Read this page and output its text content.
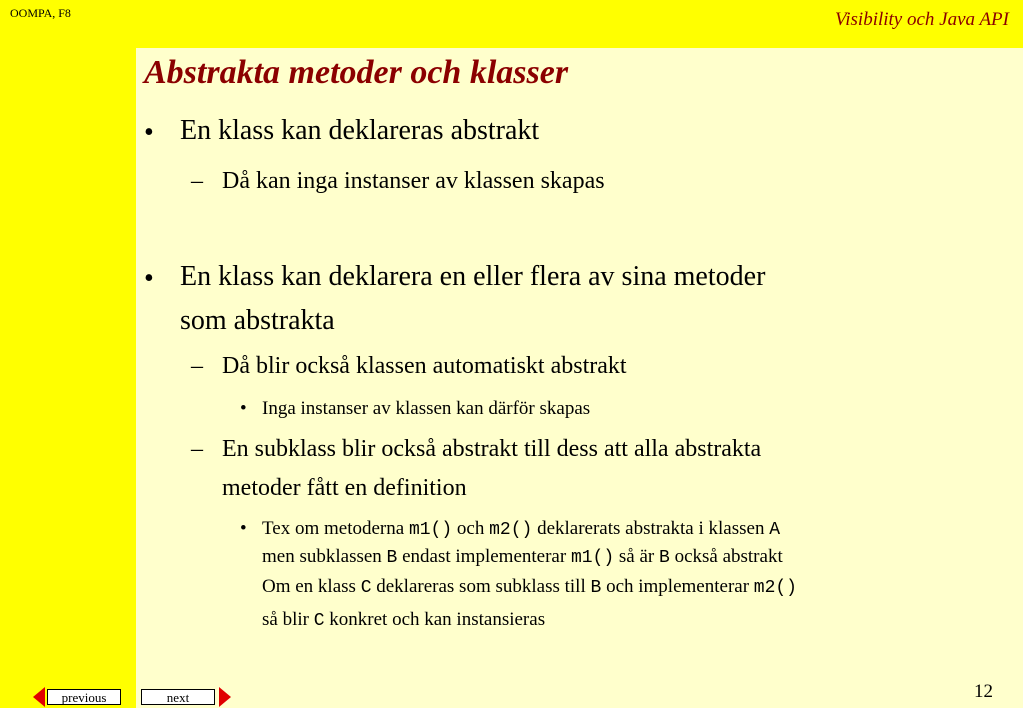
OOMPA, F8	Visibility och Java API
Abstrakta metoder och klasser
• En klass kan deklareras abstrakt
– Då kan inga instanser av klassen skapas
• En klass kan deklarera en eller flera av sina metoder
som abstrakta
– Då blir också klassen automatiskt abstrakt
• Inga instanser av klassen kan därför skapas
– En subklass blir också abstrakt till dess att alla abstrakta
metoder fått en definition
• Tex om metoderna m1() och m2() deklarerats abstrakta i klassen A
men subklassen B endast implementerar m1() så är B också abstrakt
Om en klass C deklareras som subklass till B och implementerar m2()
så blir C konkret och kan instansieras
previous	next	12
